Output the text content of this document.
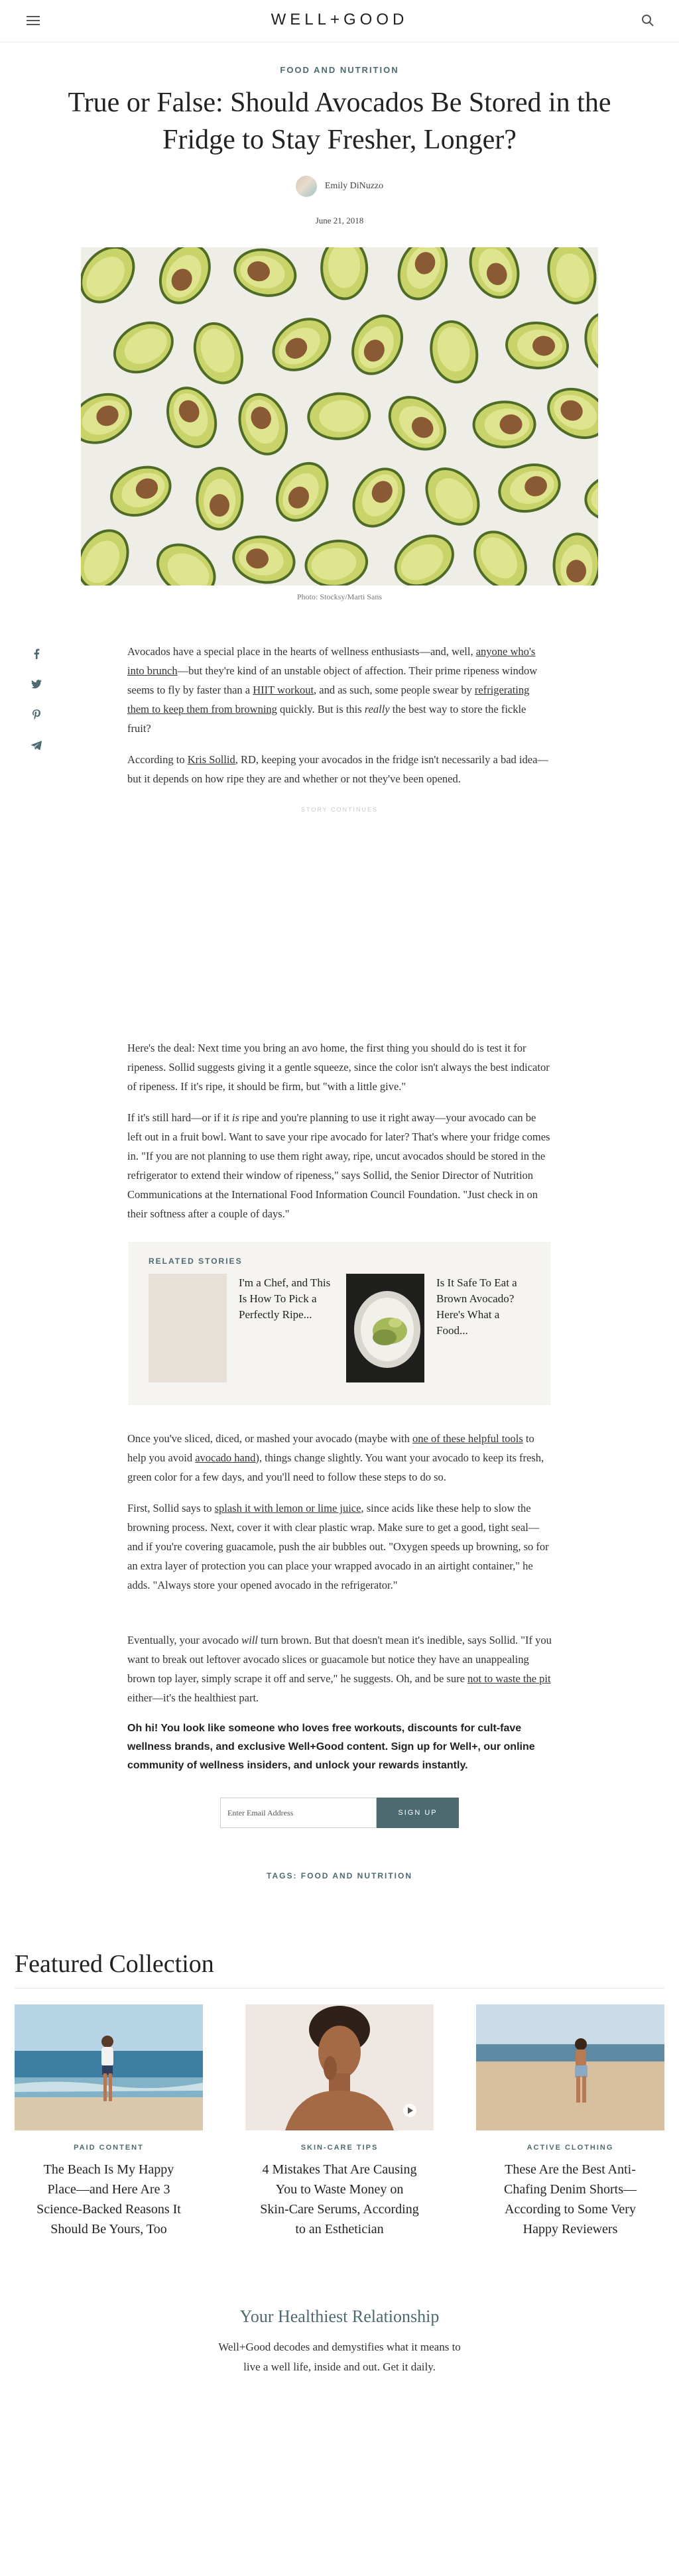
WELL+GOOD
FOOD AND NUTRITION
True or False: Should Avocados Be Stored in the Fridge to Stay Fresher, Longer?
Emily DiNuzzo
June 21, 2018
Photo: Stocksy/Marti Sans

Avocados have a special place in the hearts of wellness enthusiasts—and, well, anyone who's into brunch—but they're kind of an unstable object of affection. Their prime ripeness window seems to fly by faster than a HIIT workout, and as such, some people swear by refrigerating them to keep them from browning quickly. But is this really the best way to store the fickle fruit?

According to Kris Sollid, RD, keeping your avocados in the fridge isn't necessarily a bad idea—but it depends on how ripe they are and whether or not they've been opened.

STORY CONTINUES

Here's the deal: Next time you bring an avo home, the first thing you should do is test it for ripeness. Sollid suggests giving it a gentle squeeze, since the color isn't always the best indicator of ripeness. If it's ripe, it should be firm, but "with a little give."

If it's still hard—or if it is ripe and you're planning to use it right away—your avocado can be left out in a fruit bowl. Want to save your ripe avocado for later? That's where your fridge comes in. "If you are not planning to use them right away, ripe, uncut avocados should be stored in the refrigerator to extend their window of ripeness," says Sollid, the Senior Director of Nutrition Communications at the International Food Information Council Foundation. "Just check in on their softness after a couple of days."

RELATED STORIES
I'm a Chef, and This Is How To Pick a Perfectly Ripe...
Is It Safe To Eat a Brown Avocado? Here's What a Food...

Once you've sliced, diced, or mashed your avocado (maybe with one of these helpful tools to help you avoid avocado hand), things change slightly. You want your avocado to keep its fresh, green color for a few days, and you'll need to follow these steps to do so.

First, Sollid says to splash it with lemon or lime juice, since acids like these help to slow the browning process. Next, cover it with clear plastic wrap. Make sure to get a good, tight seal—and if you're covering guacamole, push the air bubbles out. "Oxygen speeds up browning, so for an extra layer of protection you can place your wrapped avocado in an airtight container," he adds. "Always store your opened avocado in the refrigerator."

Eventually, your avocado will turn brown. But that doesn't mean it's inedible, says Sollid. "If you want to break out leftover avocado slices or guacamole but notice they have an unappealing brown top layer, simply scrape it off and serve," he suggests. Oh, and be sure not to waste the pit either—it's the healthiest part.

Oh hi! You look like someone who loves free workouts, discounts for cult-fave wellness brands, and exclusive Well+Good content. Sign up for Well+, our online community of wellness insiders, and unlock your rewards instantly.
Enter Email Address
SIGN UP
TAGS: FOOD AND NUTRITION
Featured Collection
PAID CONTENT
The Beach Is My Happy Place—and Here Are 3 Science-Backed Reasons It Should Be Yours, Too
SKIN-CARE TIPS
4 Mistakes That Are Causing You to Waste Money on Skin-Care Serums, According to an Esthetician
ACTIVE CLOTHING
These Are the Best Anti-Chafing Denim Shorts—According to Some Very Happy Reviewers
Your Healthiest Relationship

Well+Good decodes and demystifies what it means to live a well life, inside and out. Get it daily.
